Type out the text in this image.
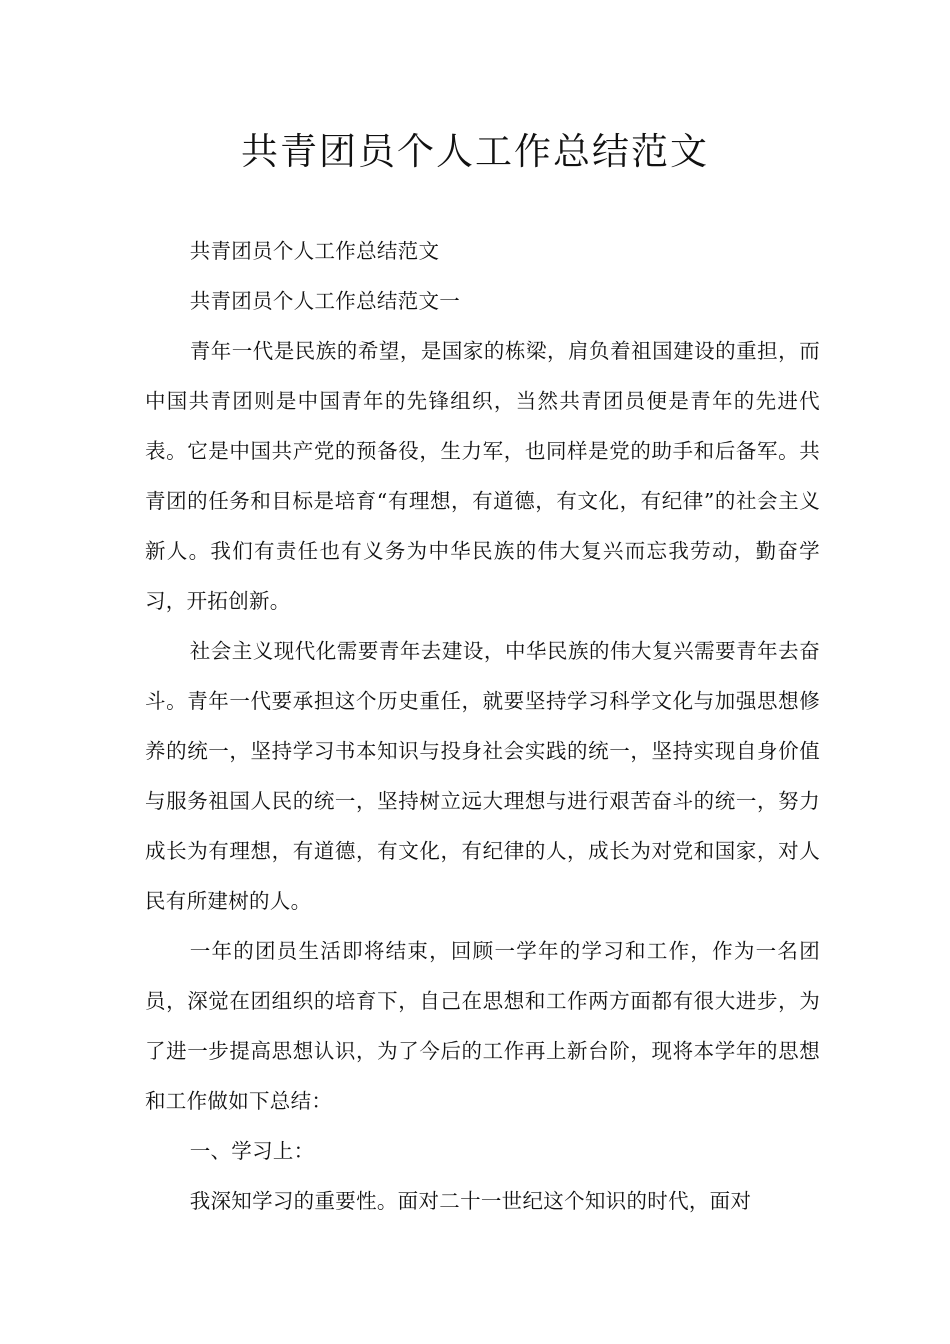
共青团员个人工作总结范文

共青团员个人工作总结范文

共青团员个人工作总结范文一

青年一代是民族的希望，是国家的栋梁，肩负着祖国建设的重担，而中国共青团则是中国青年的先锋组织，当然共青团员便是青年的先进代表。它是中国共产党的预备役，生力军，也同样是党的助手和后备军。共青团的任务和目标是培育“有理想，有道德，有文化，有纪律”的社会主义新人。我们有责任也有义务为中华民族的伟大复兴而忘我劳动，勤奋学习，开拓创新。

社会主义现代化需要青年去建设，中华民族的伟大复兴需要青年去奋斗。青年一代要承担这个历史重任，就要坚持学习科学文化与加强思想修养的统一，坚持学习书本知识与投身社会实践的统一，坚持实现自身价值与服务祖国人民的统一，坚持树立远大理想与进行艰苦奋斗的统一，努力成长为有理想，有道德，有文化，有纪律的人，成长为对党和国家，对人民有所建树的人。

一年的团员生活即将结束，回顾一学年的学习和工作，作为一名团员，深觉在团组织的培育下，自己在思想和工作两方面都有很大进步，为了进一步提高思想认识，为了今后的工作再上新台阶，现将本学年的思想和工作做如下总结：

一、学习上：

我深知学习的重要性。面对二十一世纪这个知识的时代，面对
